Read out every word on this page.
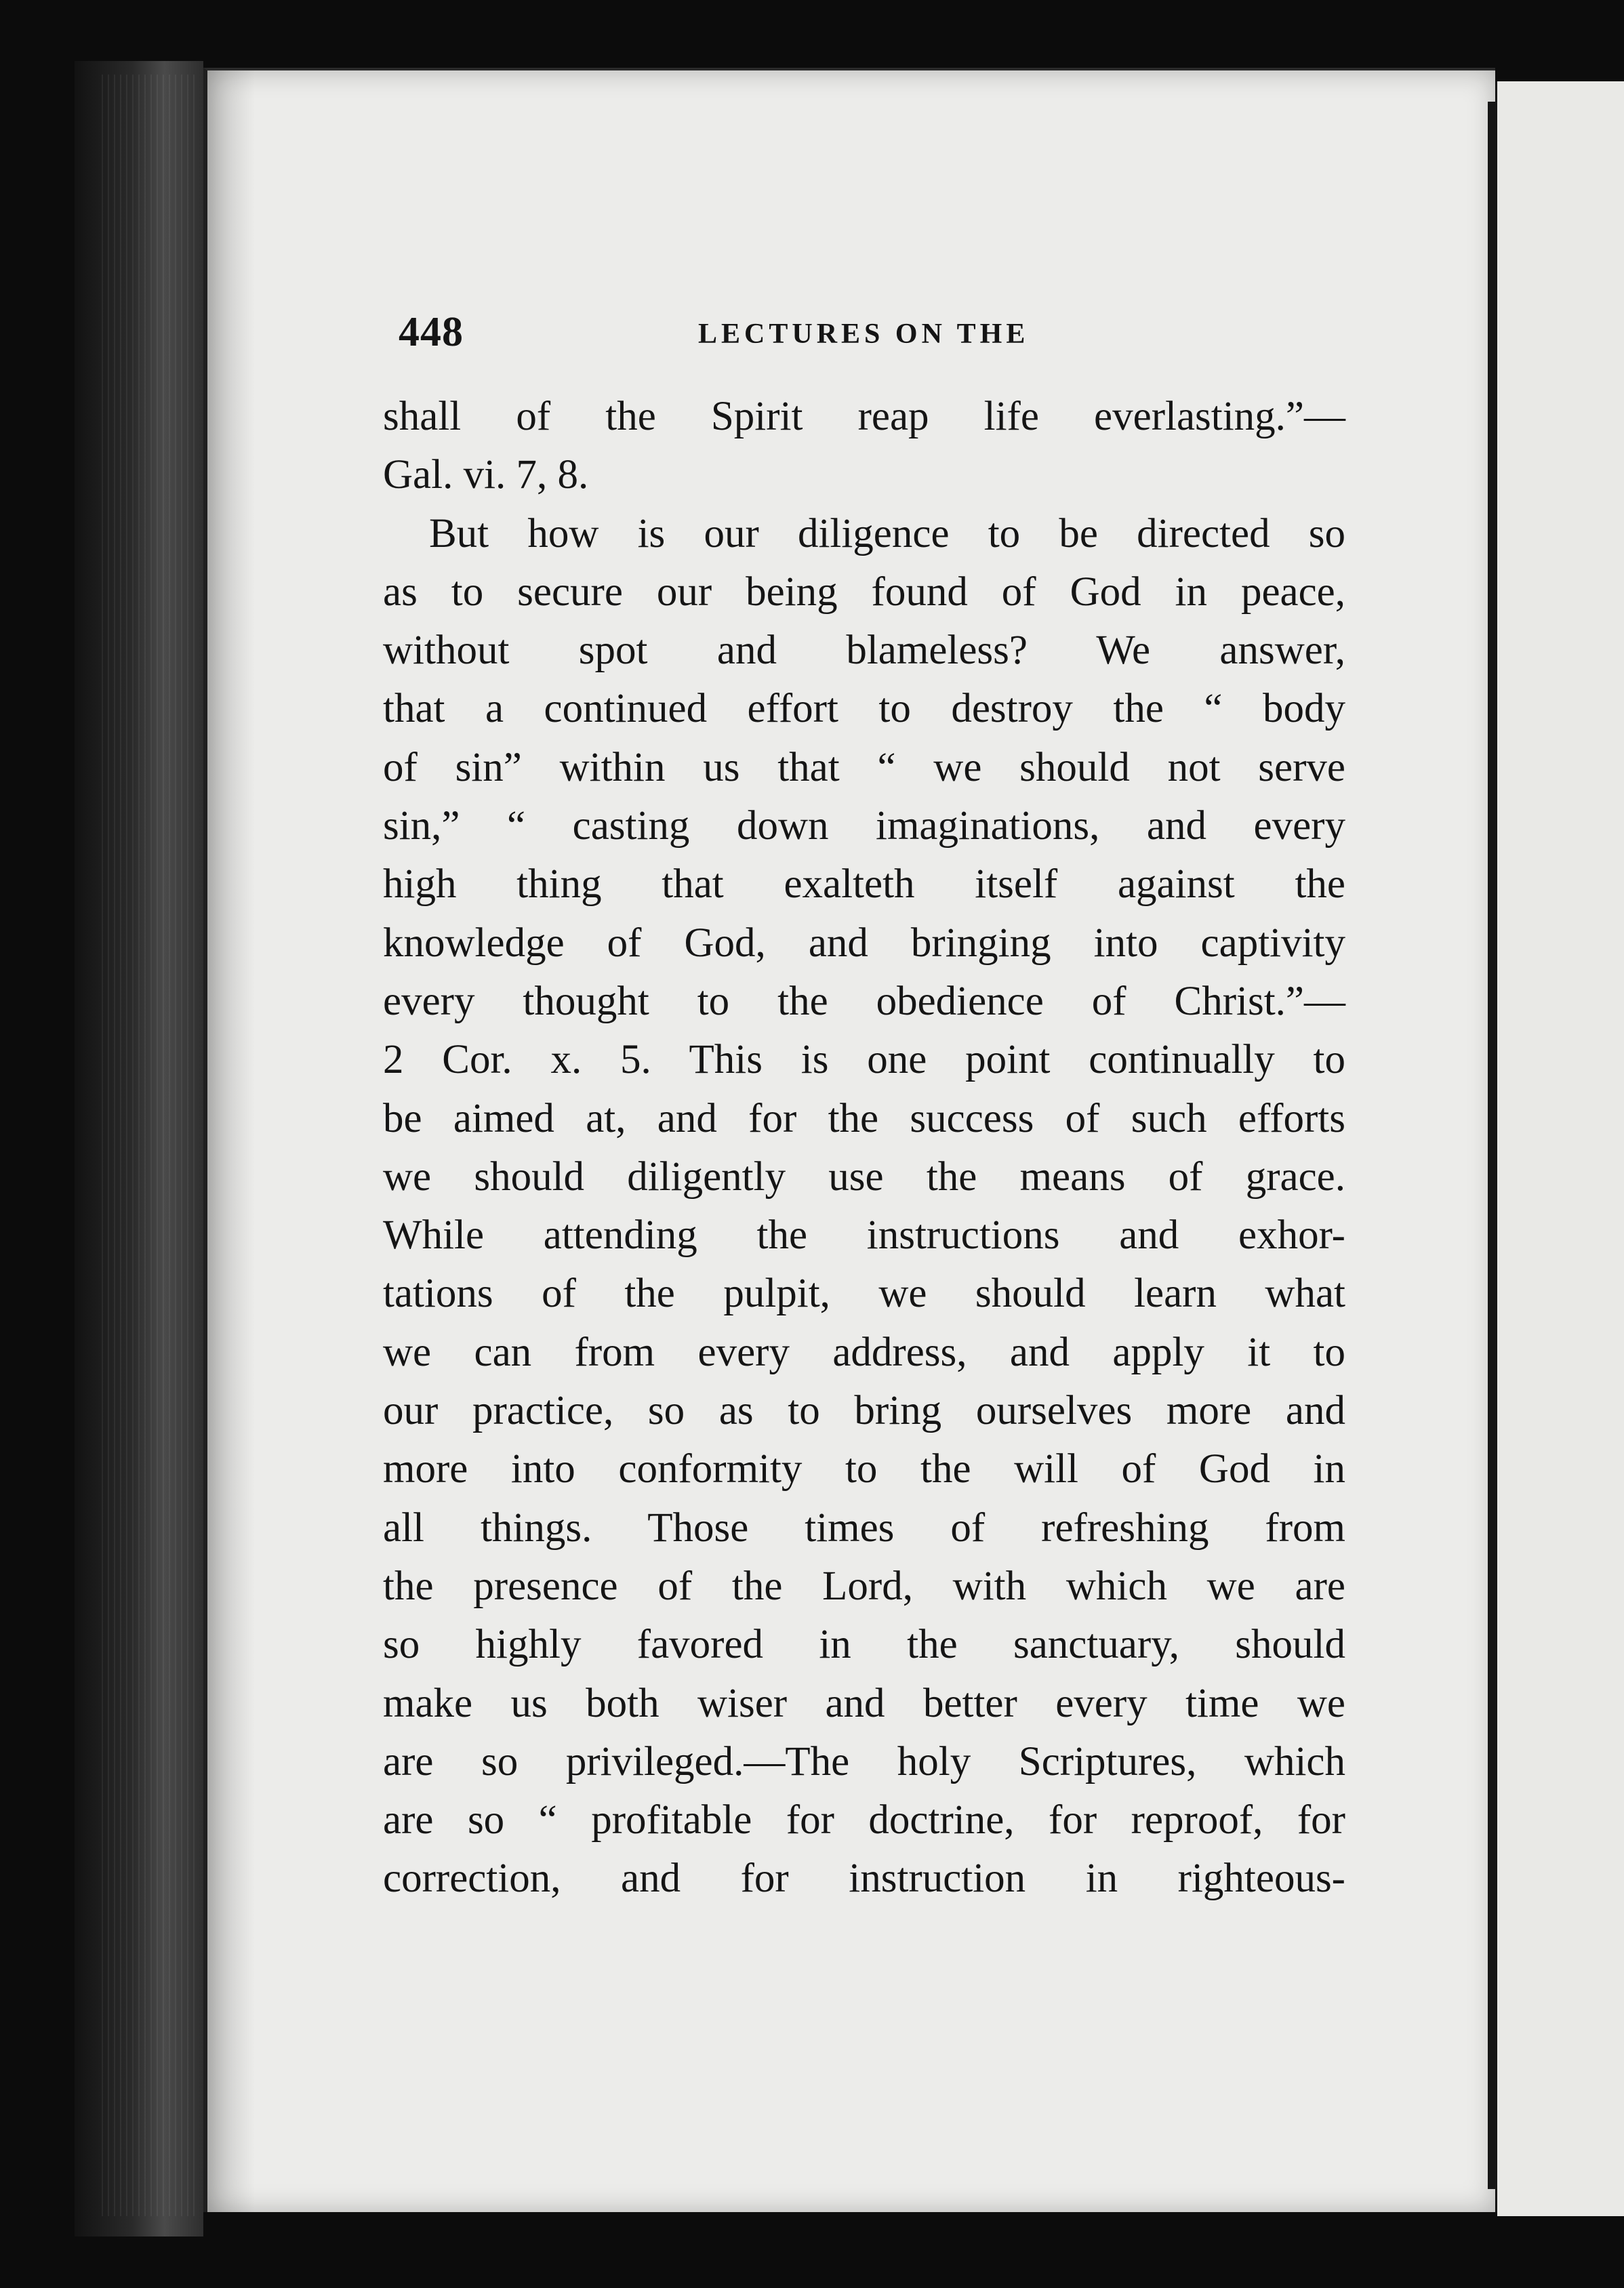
448	LECTURES ON THE
shall of the Spirit reap life everlasting.”—
Gal. vi. 7, 8.
But how is our diligence to be directed so
as to secure our being found of God in peace,
without spot and blameless? We answer,
that a continued effort to destroy the “ body
of sin” within us that “ we should not serve
sin,” “ casting down imaginations, and every
high thing that exalteth itself against the
knowledge of God, and bringing into captivity
every thought to the obedience of Christ.”—
2 Cor. x. 5. This is one point continually to
be aimed at, and for the success of such efforts
we should diligently use the means of grace.
While attending the instructions and exhor-
tations of the pulpit, we should learn what
we can from every address, and apply it to
our practice, so as to bring ourselves more and
more into conformity to the will of God in
all things. Those times of refreshing from
the presence of the Lord, with which we are
so highly favored in the sanctuary, should
make us both wiser and better every time we
are so privileged.—The holy Scriptures, which
are so “ profitable for doctrine, for reproof, for
correction, and for instruction in righteous-
